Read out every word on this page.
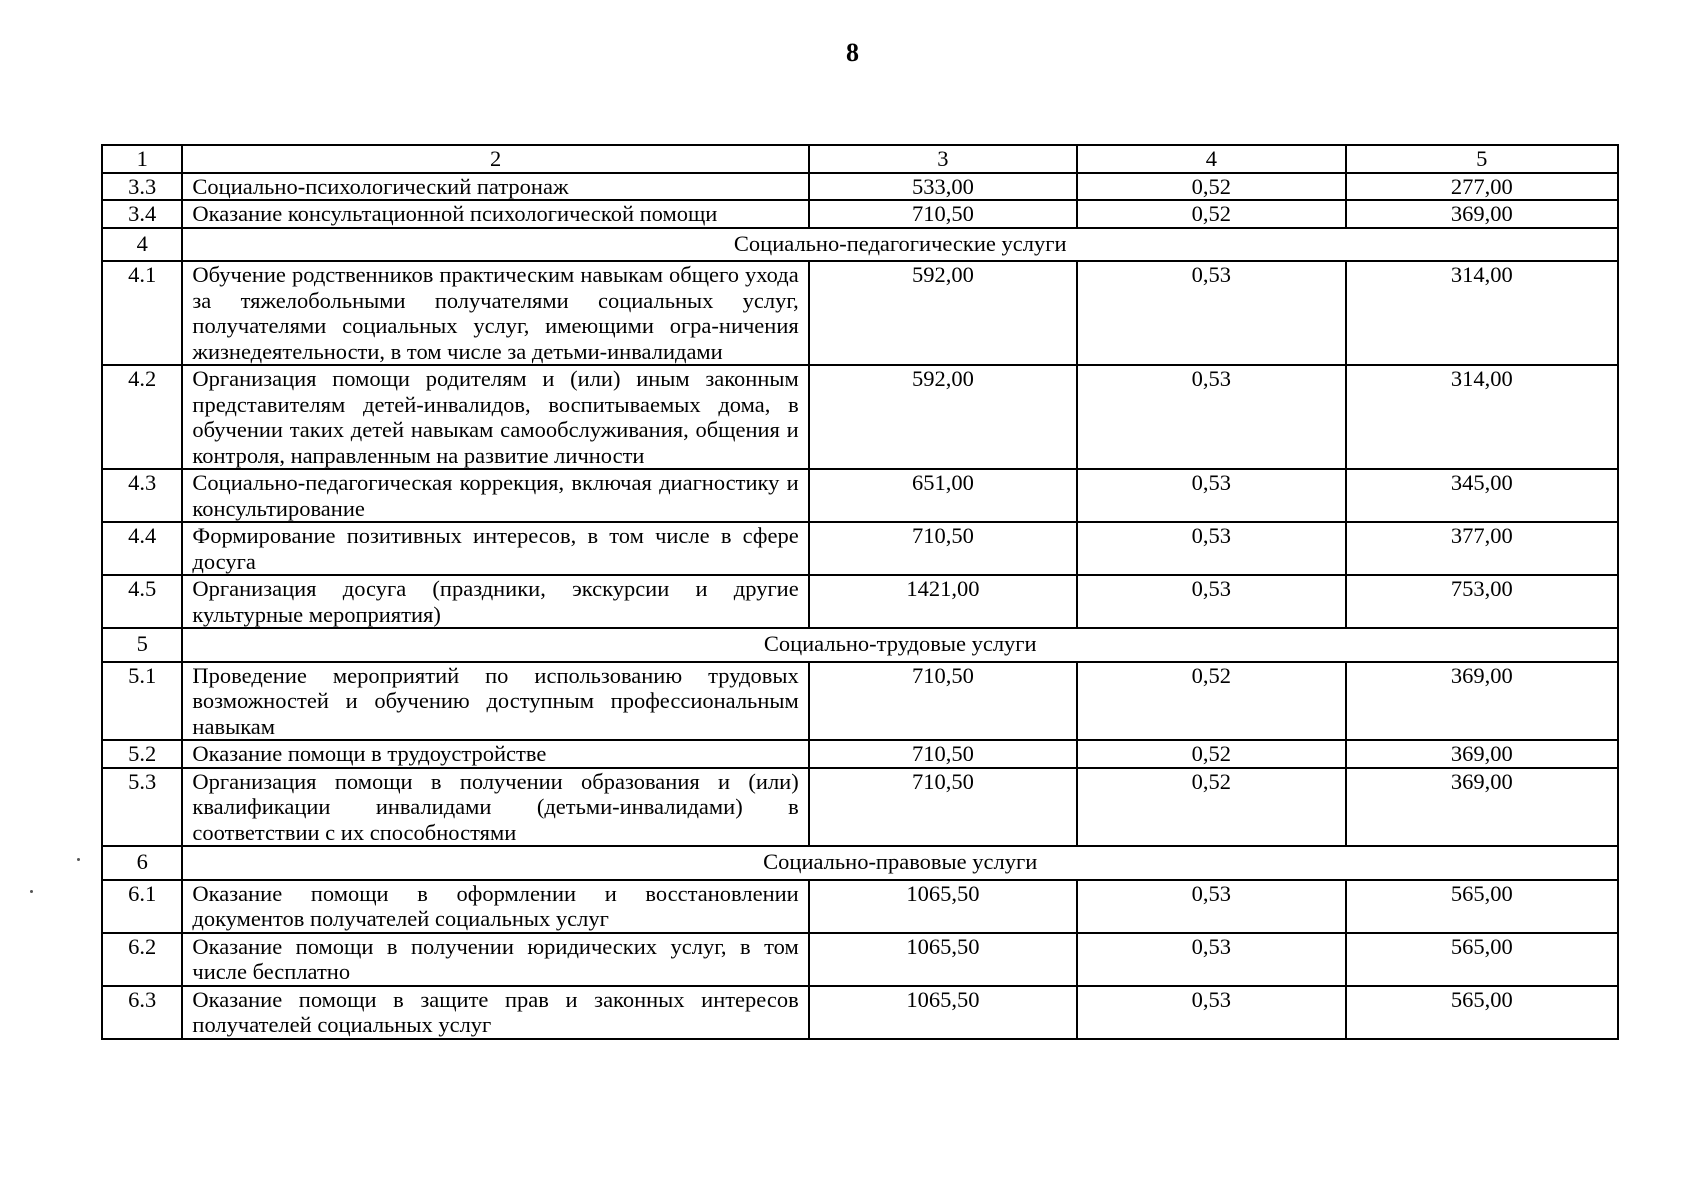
8
1	2	3	4	5
3.3	Социально-психологический патронаж	533,00	0,52	277,00
3.4	Оказание консультационной психологической помощи	710,50	0,52	369,00
4	Социально-педагогические услуги			
4.1	Обучение родственников практическим навыкам общего ухода за тяжелобольными получателями социальных услуг, получателями социальных услуг, имеющими огра-ничения жизнедеятельности, в том числе за детьми-инвалидами	592,00	0,53	314,00
4.2	Организация помощи родителям и (или) иным законным представителям детей-инвалидов, воспитываемых дома, в обучении таких детей навыкам самообслуживания, общения и контроля, направленным на развитие личности	592,00	0,53	314,00
4.3	Социально-педагогическая коррекция, включая диагностику и консультирование	651,00	0,53	345,00
4.4	Формирование позитивных интересов, в том числе в сфере досуга	710,50	0,53	377,00
4.5	Организация досуга (праздники, экскурсии и другие культурные мероприятия)	1421,00	0,53	753,00
5	Социально-трудовые услуги			
5.1	Проведение мероприятий по использованию трудовых возможностей и обучению доступным профессиональным навыкам	710,50	0,52	369,00
5.2	Оказание помощи в трудоустройстве	710,50	0,52	369,00
5.3	Организация помощи в получении образования и (или) квалификации инвалидами (детьми-инвалидами) в соответствии с их способностями	710,50	0,52	369,00
6	Социально-правовые услуги			
6.1	Оказание помощи в оформлении и восстановлении документов получателей социальных услуг	1065,50	0,53	565,00
6.2	Оказание помощи в получении юридических услуг, в том числе бесплатно	1065,50	0,53	565,00
6.3	Оказание помощи в защите прав и законных интересов получателей социальных услуг	1065,50	0,53	565,00
